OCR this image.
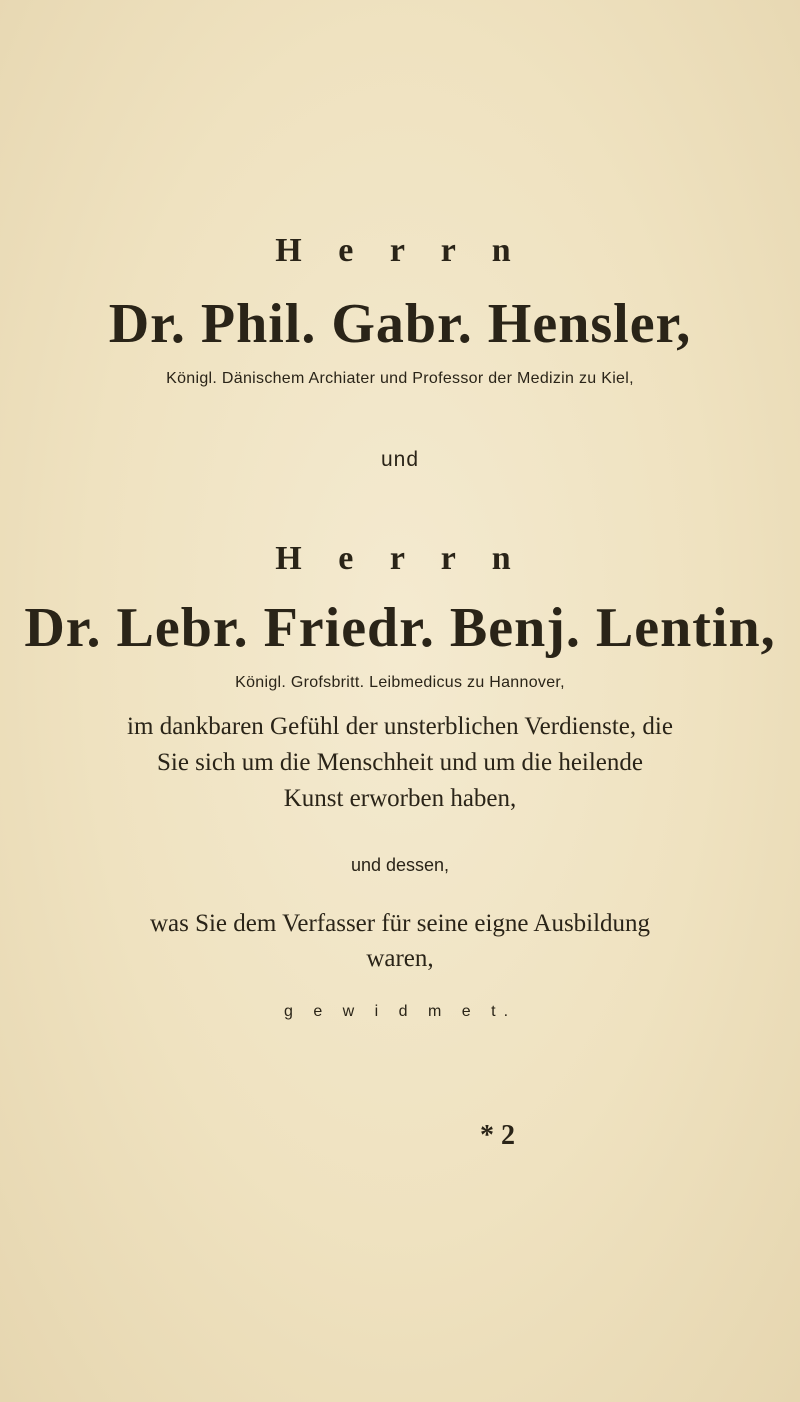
H e r r n
Dr. Phil. Gabr. Hensler,
Königl. Dänischem Archiater und Professor der Medizin zu Kiel,
und
H e r r n
Dr. Lebr. Friedr. Benj. Lentin,
Königl. Grofsbritt. Leibmedicus zu Hannover,
im dankbaren Gefühl der unsterblichen Verdienste, die
Sie sich um die Menschheit und um die heilende
Kunst erworben haben,
und dessen,
was Sie dem Verfasser für seine eigne Ausbildung
waren,
g e w i d m e t.
* 2
